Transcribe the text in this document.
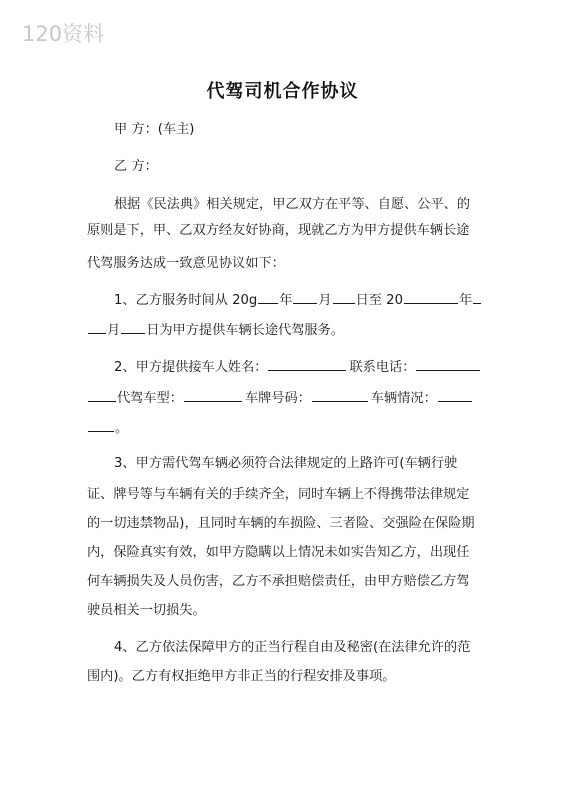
120资料
代驾司机合作协议
甲 方：(车主)
乙 方：
根据《民法典》相关规定，甲乙双方在平等、自愿、公平、的
原则是下，甲、乙双方经友好协商，现就乙方为甲方提供车辆长途
代驾服务达成一致意见协议如下：
1、乙方服务时间从 20g 年 月 日至 20	年
月 日为甲方提供车辆长途代驾服务。
2、甲方提供接车人姓名：	联系电话：
代驾车型：	车牌号码：	车辆情况：
。
3、甲方需代驾车辆必须符合法律规定的上路许可(车辆行驶
证、牌号等与车辆有关的手续齐全，同时车辆上不得携带法律规定
的一切违禁物品)，且同时车辆的车损险、三者险、交强险在保险期
内，保险真实有效，如甲方隐瞒以上情况未如实告知乙方，出现任
何车辆损失及人员伤害，乙方不承担赔偿责任，由甲方赔偿乙方驾
驶员相关一切损失。
4、乙方依法保障甲方的正当行程自由及秘密(在法律允许的范
围内)。乙方有权拒绝甲方非正当的行程安排及事项。
